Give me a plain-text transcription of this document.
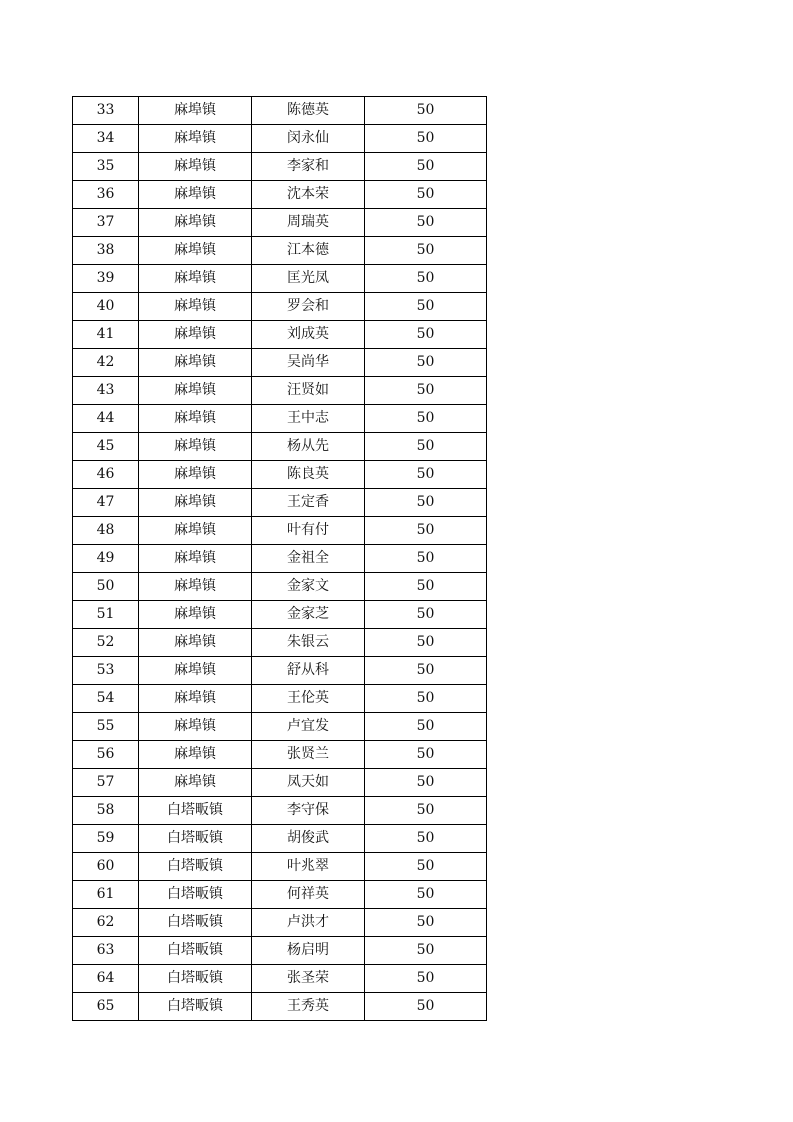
33	麻埠镇	陈德英	50
34	麻埠镇	闵永仙	50
35	麻埠镇	李家和	50
36	麻埠镇	沈本荣	50
37	麻埠镇	周瑞英	50
38	麻埠镇	江本德	50
39	麻埠镇	匡光凤	50
40	麻埠镇	罗会和	50
41	麻埠镇	刘成英	50
42	麻埠镇	吴尚华	50
43	麻埠镇	汪贤如	50
44	麻埠镇	王中志	50
45	麻埠镇	杨从先	50
46	麻埠镇	陈良英	50
47	麻埠镇	王定香	50
48	麻埠镇	叶有付	50
49	麻埠镇	金祖全	50
50	麻埠镇	金家文	50
51	麻埠镇	金家芝	50
52	麻埠镇	朱银云	50
53	麻埠镇	舒从科	50
54	麻埠镇	王伦英	50
55	麻埠镇	卢宜发	50
56	麻埠镇	张贤兰	50
57	麻埠镇	凤天如	50
58	白塔畈镇	李守保	50
59	白塔畈镇	胡俊武	50
60	白塔畈镇	叶兆翠	50
61	白塔畈镇	何祥英	50
62	白塔畈镇	卢洪才	50
63	白塔畈镇	杨启明	50
64	白塔畈镇	张圣荣	50
65	白塔畈镇	王秀英	50
